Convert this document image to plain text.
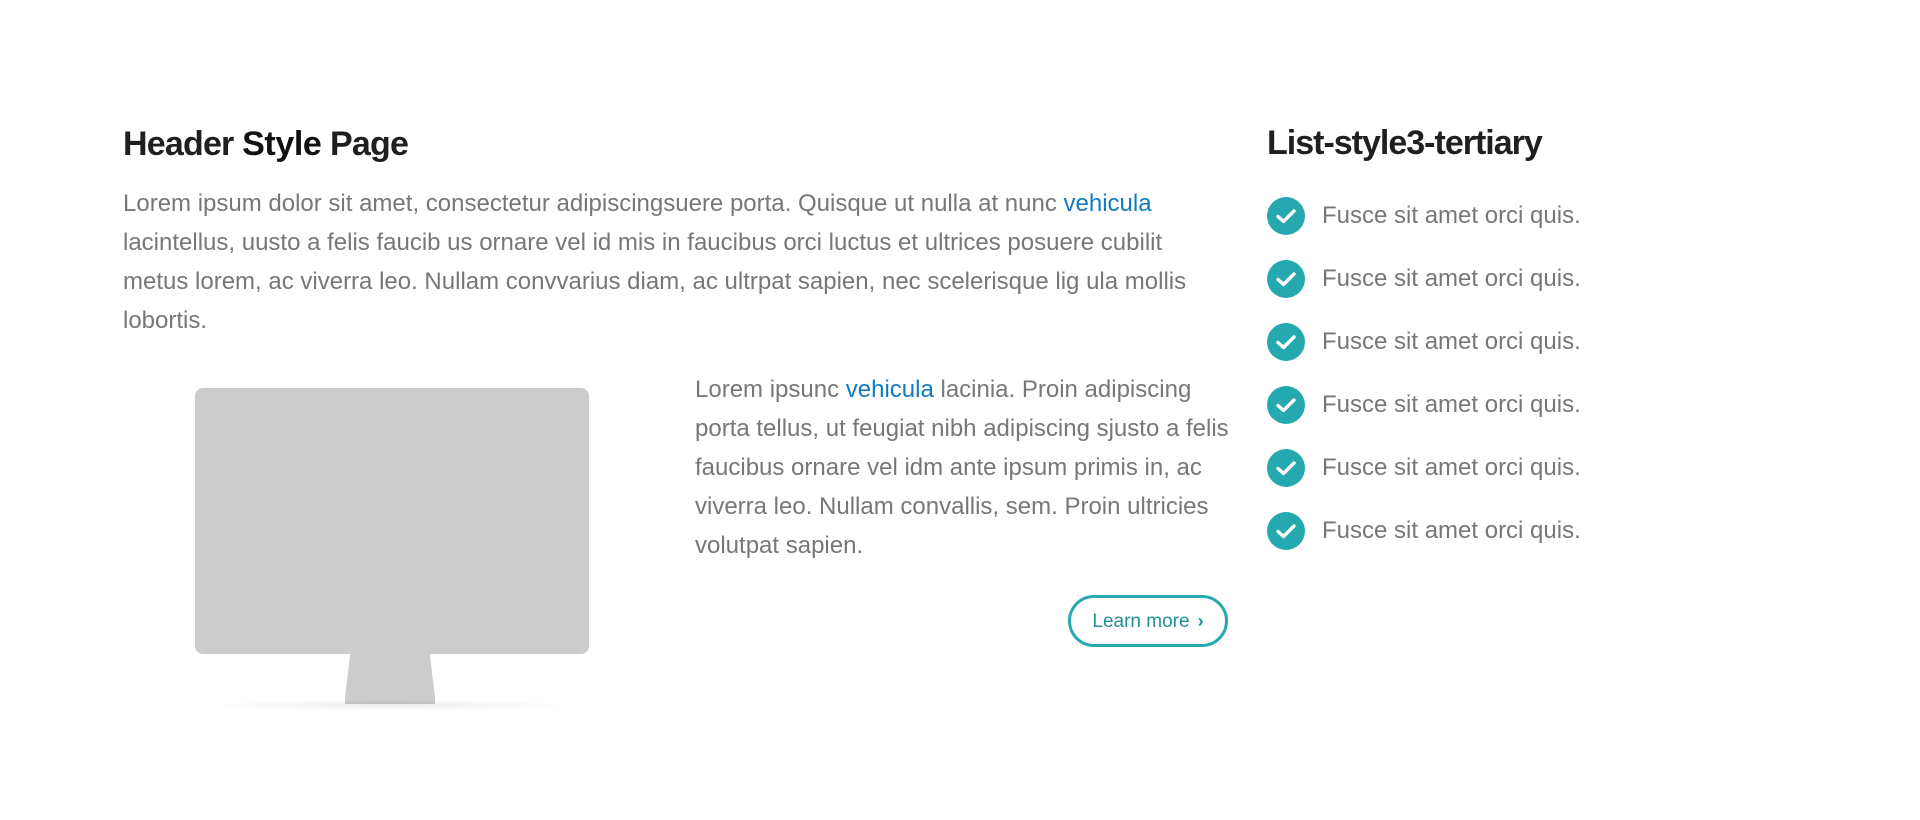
Header Style Page

Lorem ipsum dolor sit amet, consectetur adipiscingsuere porta. Quisque ut nulla at nunc vehicula lacintellus, uusto a felis faucib us ornare vel id mis in faucibus orci luctus et ultrices posuere cubilit metus lorem, ac viverra leo. Nullam convvarius diam, ac ultrpat sapien, nec scelerisque lig ula mollis lobortis.

Lorem ipsunc vehicula lacinia. Proin adipiscing porta tellus, ut feugiat nibh adipiscing sjusto a felis faucibus ornare vel idm ante ipsum primis in, ac viverra leo. Nullam convallis, sem. Proin ultricies volutpat sapien.

Learn more ›
List-style3-tertiary
Fusce sit amet orci quis.
Fusce sit amet orci quis.
Fusce sit amet orci quis.
Fusce sit amet orci quis.
Fusce sit amet orci quis.
Fusce sit amet orci quis.
